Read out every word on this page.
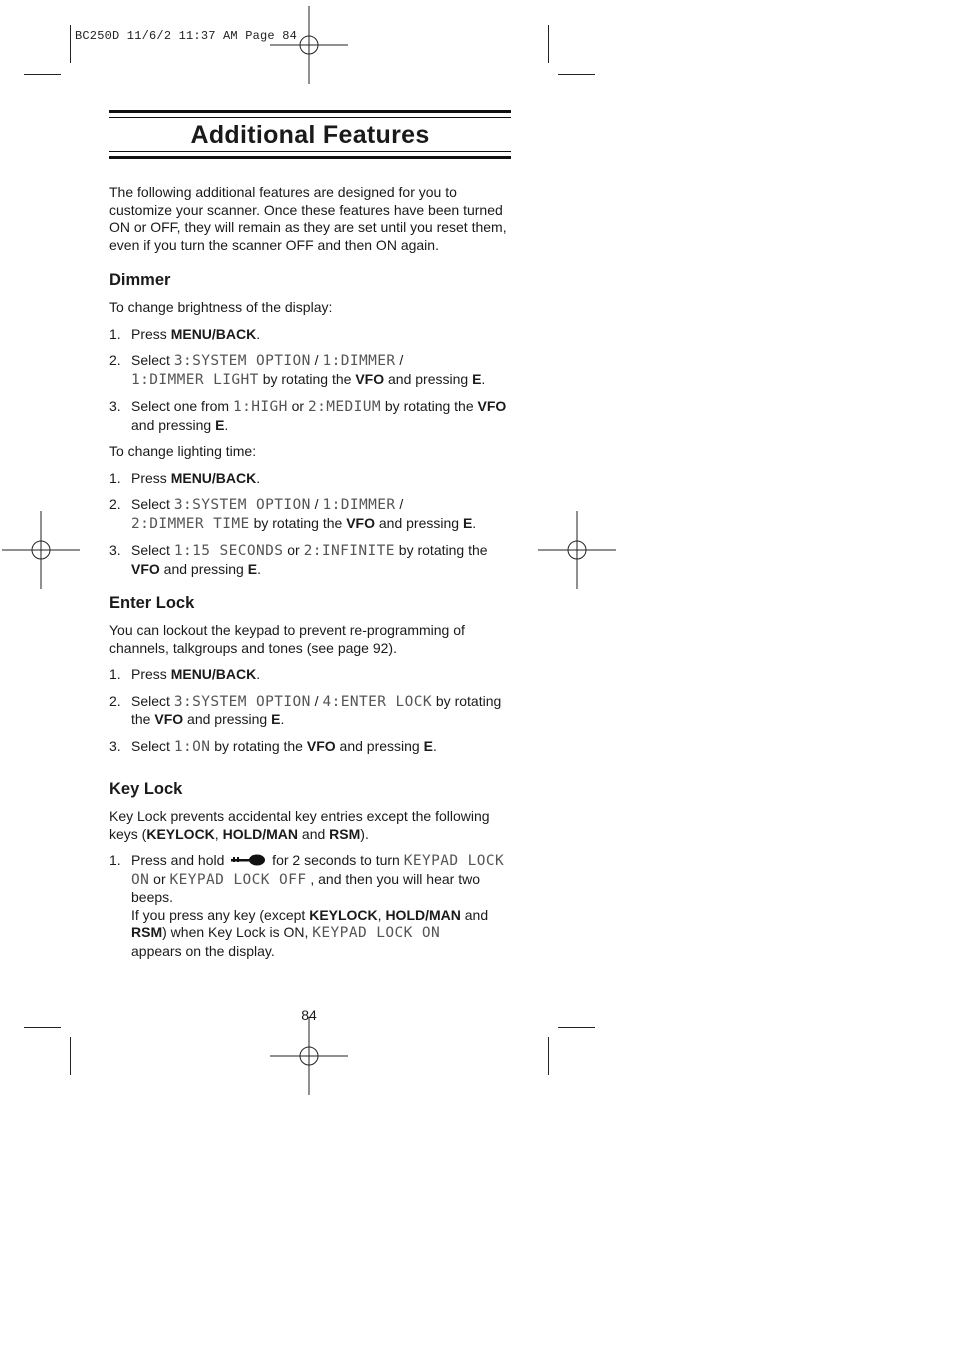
BC250D 11/6/2 11:37 AM Page 84
Additional Features

The following additional features are designed for you to customize your scanner. Once these features have been turned ON or OFF, they will remain as they are set until you reset them, even if you turn the scanner OFF and then ON again.

Dimmer

To change brightness of the display:

1. Press MENU/BACK.
2. Select 3:SYSTEM OPTION / 1:DIMMER /
1:DIMMER LIGHT by rotating the VFO and pressing E.
3. Select one from 1:HIGH or 2:MEDIUM by rotating the VFO and pressing E.

To change lighting time:

1. Press MENU/BACK.
2. Select 3:SYSTEM OPTION / 1:DIMMER /
2:DIMMER TIME by rotating the VFO and pressing E.
3. Select 1:15 SECONDS or 2:INFINITE by rotating the VFO and pressing E.
Enter Lock

You can lockout the keypad to prevent re-programming of channels, talkgroups and tones (see page 92).

1. Press MENU/BACK.
2. Select 3:SYSTEM OPTION / 4:ENTER LOCK by rotating the VFO and pressing E.
3. Select 1:ON by rotating the VFO and pressing E.
Key Lock

Key Lock prevents accidental key entries except the following keys (KEYLOCK, HOLD/MAN and RSM).

1. Press and hold	for 2 seconds to turn KEYPAD LOCK ON or KEYPAD LOCK OFF , and then you will hear two beeps.
If you press any key (except KEYLOCK, HOLD/MAN and RSM) when Key Lock is ON, KEYPAD LOCK ON
appears on the display.
84
